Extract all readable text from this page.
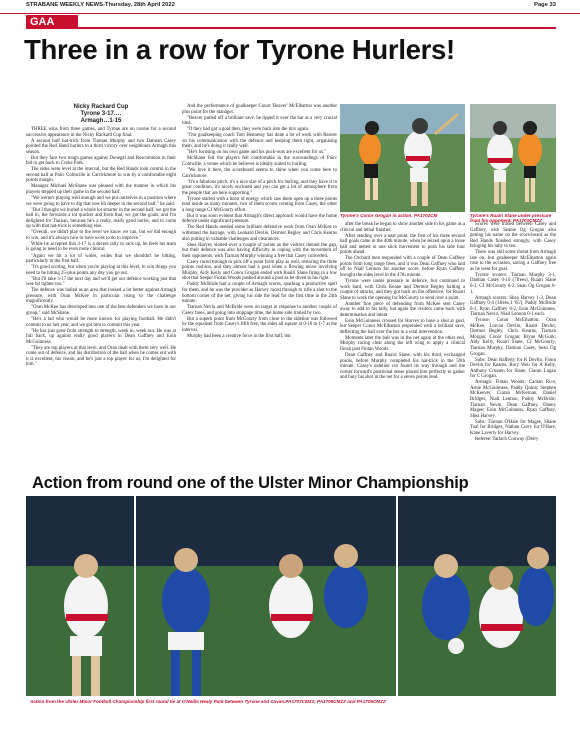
STRABANE WEEKLY NEWS-Thursday, 28th April 2022	Page 33
GAA
Three in a row for Tyrone Hurlers!
Nicky Rackard Cup
Tyrone 3-17….
Armagh…1-15

THREE wins from three games, and Tyrone are on course for a second successive appearance in the Nicky Rackard Cup final.

A second half hat-trick from Tiarnan Murphy and two Damian Casey pointed the Red Hand hurlers to a third victory over neighbours Armagh this season.

But they face two tough games against Donegal and Roscommon in their bid to get back to Croke Park.

The sides were level at the interval, but the Red Hands took control in the second half at Pairc Colmcille in Carrickmore to win by a comfortable eight points margin.

Manager Michael McShane was pleased with the manner in which his players stepped up their game in the second half.

"We weren't playing well enough and we put ourselves in a position where we were going to have to dig that wee bit deeper in the second half," he said.

"But I thought we hurled a whole lot smarter in the second half, we got the ball in, the forwards a lot quicker and from that, we got the goals, and I'm delighted for Tiarnan, because he's a really, really good hurler, and to come up with that hat-trick is something else.

"Overall, we didn't play to the level we know we can, but we did enough to win, and it's always nice to have work to do to improve."

While he accepted that 3-17 is a decent tally to rack up, he feels his team is going to need to be even more clinical.

"Again we hit a lot of wides, wides that we shouldn't be hitting, particularly in the first half.

"It's good scoring, but when you're playing at this level, to win things you need to be hitting 25-plus points any day you go out.

"But I'll take 3-17 the next day and we'll get our defence working just that wee bit tighter too."

The defence was hailed as an area that looked a lot better against Armagh pressure, with Oran McKee in particular rising to the challenge magnificently.

"Oran McKee has developed into one of the best defenders we have in our group," said McShane.

"He's a lad who would be more known for playing football. He didn't commit to us last year, and we got him to commit this year.

"He has just gone from strength to strength, week in, week out. He was at full back, up against really good players in Dean Gaffney and Eoin McGuinness.

"They are top players at that level, and Oran dealt with them very well. He come out of defence, and his distribution of the ball when he comes out with it is excellent, his vision, and he's just a top player for us, I'm delighted for him."

And the performance of goalkeeper Conor 'Reaver' McElhatton was another plus point for the manager.

"Reaver pulled off a brilliant save, he tipped it over the bar at a very crucial time.

"If they had got a goal then, they were back into the mix again.

"Our goalkeeping coach Tom Hennessy has done a lot of work with Reaver on his communication with the defence and keeping them tight, organising them, and he's doing it really well.

"He's focusing on his own game and his puck-outs are excellent for us."

McShane felt the players felt comfortable in the surroundings of Pairc Colmcille, a venue which he believes is ideally suited to hurling.

"We love it here, the scoreboard seems to shine when you come here to Carrickmore.

"It's a fabulous pitch, it's a nice size of a pitch for hurling, and they have it in great condition, it's nicely enclosed and you can get a bit of atmosphere from the people that are here supporting."

Tyrone started with a burst of energy which saw them open up a three points lead inside as many minutes, two of them scores coming from Casey, the other a long range CJ McGourty effort.

But it was soon evident that Armagh's direct approach would have the home defence under significant pressure.

The Red Hands needed some brilliant defensive work from Oran McKee to withstand the barrage, with Leonard Devlin, Dermot Begley and Chris Kearns also putting in valuable challenges and clearances.

Shea Harvey slotted over a couple of points as the visitors dinned the gap, but their defence was also having difficulty in coping with the movement of their opponents, with Tiarnan Murphy winning a free that Casey converted.

Casey raced through to pick off a point from play as well, restoring the three points cushion, and they almost had a goal when a flowing move involving Murphy, Aidy Kelly and Conor Grogan ended with Ruairi Slane firing in a low shot that Seeper Fintan Woods pushed around a post as he dived to his right.

Paddy McBride had a couple of Armagh scores, sparking a productive spell for them, and he was the provider as Harvey raced through to rifle a shot to the bottom corner of the net, giving his side the lead for the first time in the 24th minute.

Tiarnan Nevin and McBride were on target in response to another couple of Casey frees, and going into stoppage time, the home side trailed by two.

But a superb point from McGourty from close to the sideline was followed by the equaliser from Casey's fifth free, the sides all square at 0-10 to 1-7 at the interval.

Murphy had been a creative force in the first half, but

Tyrone's Conor Grogan in action. PA1702CM	Tyrone's Ruairi Slane under pressure from his opponent. PA1701CMZZ

after the break he began to show another side to his game as a clinical and lethal finisher.

After sending over a neat point, the first of his three second half goals came in the 40th minute, when he seized upon a loose ball and netted in one slick movement to push his side four points ahead.

The Orchard men responded with a couple of Dean Gaffney points from long range frees, and it was Dean Gaffney who laid off to Niall Lennon for another score, before Ryan Gaffney brought the sides level in the 47th minute.

Tyrone were under pressure in defence, but continued to work hard, with Chris Keane and Dermot Begley halting a couple of attacks, and they got back on the offensive, for Ruairi Slane to work the opening for McGourty to send over a point.

Another fine piece of defending from McKee sent Casey away to add to his tally, but again the visitors came back with determination and intent.

Eoin McGuinness crossed for Harvey to have a shot at goal, but Seeper Conor McElhatton responded with a brilliant save, deflecting the ball over the bar in a vital intervention.

Moments later the ball was in the net again at the other end, Murphy racing clear along the left wing to apply a clinical finish past Fintan Woods.

Dean Gaffney and Ruairi Slane, with his third, exchanged points, before Murphy completed his hat-trick in the 59th minute. Casey's sideline cut found its way through and the corner forward's positional sense placed him perfectly to gather and bury his shot in the net for a seven points lead.

Scores were traded between Casey and Gaffney, with Seanie Og Grogan also getting his name on the score-board as the Red Hands finished strongly, with Casey bringing his tally to ten.

There was still some threat from Armagh late on, but goalkeeper McElhatton again rose to the occasion, saving a Gaffney free as he went for goal.

Tyrone scorers: Tiarnan Murphy 3-1, Damian Casey 0-10 (7frees), Ruairi Slane 0-3, CJ McGourty 0-2, Sean Og Grogan 0-1.

Armagh scorers: Shea Harvey 1-3, Dean Gaffney 0-4 (3frees,1 '65'), Paddy McBride 0-3, Ryan Gaffney 0-2, Eoin McGuinness, Tiarnan Nevin, Niall Lennon 0-1 each.

Tyrone: Conor McElhatton; Oran McKee, Lorcan Devlin, Ruairi Devlin; Dermot Begley, Chris Kearns, Tiarnan Morgan; Conor Grogan; Bryan McGurk; Aidy Kelly, Ruairi Slane, CJ McGourty; Tiarnan Murphy, Damian Casey, Sean Og Grogan.

Subs: Dean Rafferty for R Devlin, Fionn Devlin for Kearns, Rory Weir for A Kelly, Anthony Crossen for Slane, Ciaran Logan for C Grogan.

Armagh: Fintan Woods; Caolan Rice, Arnie McGuinness, Paddy Quinn; Stephen McKeever, Ciaran McKernan, Daniel Bridges; Niall Lennon, Paddy McBride; Tiarnan Nevin, Dean Gaffney, Danny Magee; Eoin McGuinness, Ryan Gaffney, Shea Harvey.

Subs: Tiarnan O'Hare for Magee, Shane Toal for Bridges, Nathan Curry for O'Hare, Kane Laverty for Harvey.

Referee: Tarlach Conway (Derry

Action from round one of the Ulster Minor Championship
Action from the Ulster Minor Football Championship first round tie at O'Neills Healy Park between Tyrone and Cavan.PA1707CMZZ, PA1708CMZZ and PA1709CMZZ
